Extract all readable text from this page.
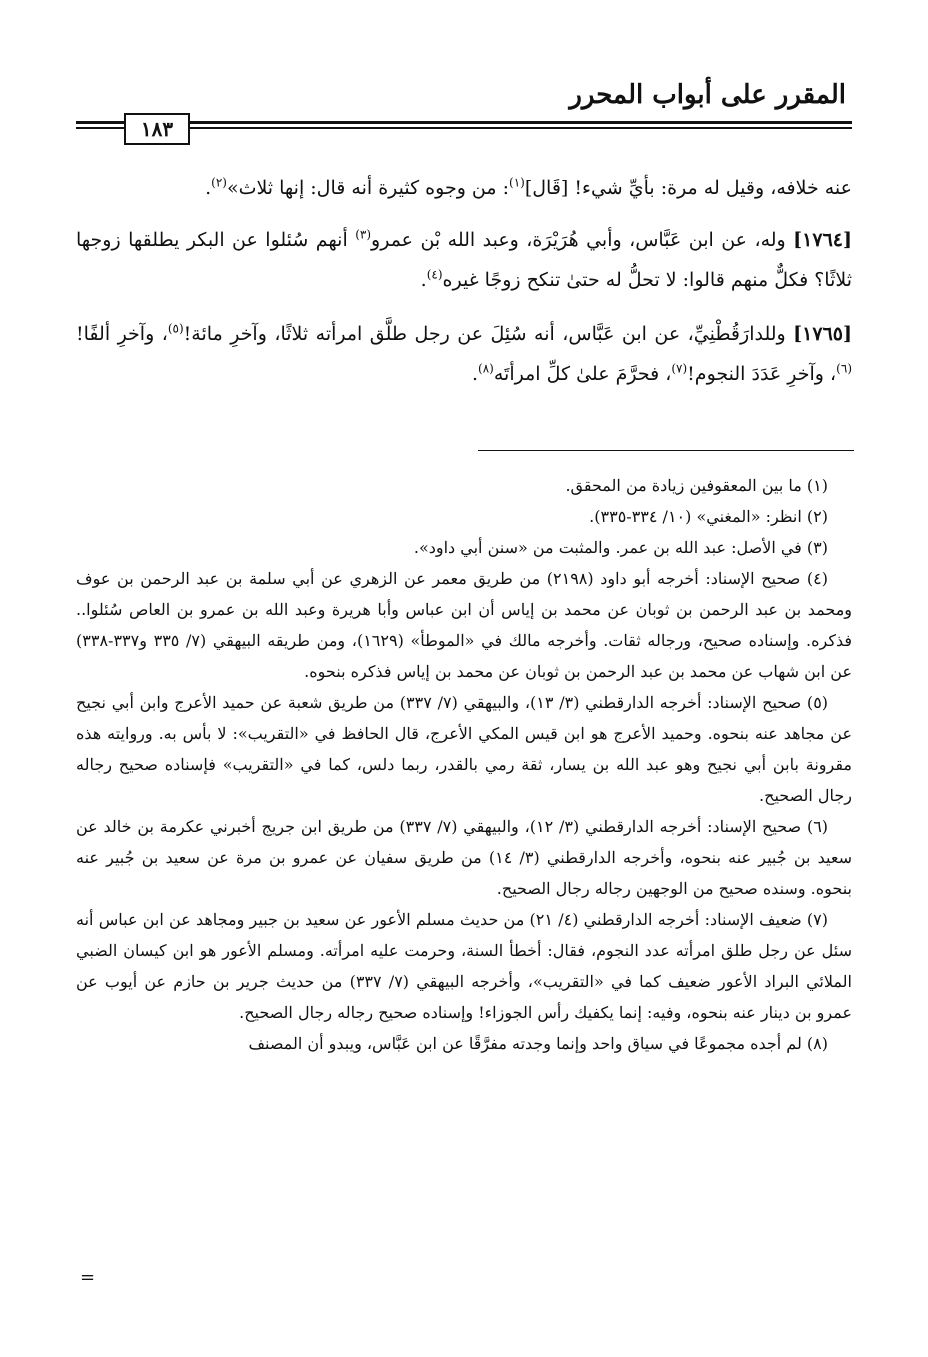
المقرر على أبواب المحرر
١٨٣

عنه خلافه، وقيل له مرة: بأيِّ شيء! [قَال]$^{(١)}$: من وجوه كثيرة أنه قال: إنها ثلاث»$^{(٢)}$.

[١٧٦٤] وله، عن ابن عَبَّاس، وأبي هُرَيْرَة، وعبد الله بْن عمرو$^{(٣)}$ أنهم سُئلوا عن البكر يطلقها زوجها ثلاثًا؟ فكلٌّ منهم قالوا: لا تحلُّ له حتىٰ تنكح زوجًا غيره$^{(٤)}$.

[١٧٦٥] وللدارَقُطْنِيِّ، عن ابن عَبَّاس، أنه سُئِلَ عن رجل طلَّق امرأته ثلاثًا، وآخرِ مائة!$^{(٥)}$، وآخرِ ألفًا!$^{(٦)}$، وآخرِ عَدَدَ النجوم!$^{(٧)}$، فحرَّمَ علىٰ كلِّ امرأتَه$^{(٨)}$.

(١) ما بين المعقوفين زيادة من المحقق.

(٢) انظر: «المغني» (١٠/ ٣٣٤-٣٣٥).

(٣) في الأصل: عبد الله بن عمر. والمثبت من «سنن أبي داود».

(٤) صحيح الإسناد: أخرجه أبو داود (٢١٩٨) من طريق معمر عن الزهري عن أبي سلمة بن عبد الرحمن بن عوف ومحمد بن عبد الرحمن بن ثوبان عن محمد بن إياس أن ابن عباس وأبا هريرة وعبد الله بن عمرو بن العاص سُئلوا.. فذكره. وإسناده صحيح، ورجاله ثقات. وأخرجه مالك في «الموطأ» (١٦٢٩)، ومن طريقه البيهقي (٧/ ٣٣٥ و٣٣٧-٣٣٨) عن ابن شهاب عن محمد بن عبد الرحمن بن ثوبان عن محمد بن إياس فذكره بنحوه.

(٥) صحيح الإسناد: أخرجه الدارقطني (٣/ ١٣)، والبيهقي (٧/ ٣٣٧) من طريق شعبة عن حميد الأعرج وابن أبي نجيح عن مجاهد عنه بنحوه. وحميد الأعرج هو ابن قيس المكي الأعرج، قال الحافظ في «التقريب»: لا بأس به. وروايته هذه مقرونة بابن أبي نجيح وهو عبد الله بن يسار، ثقة رمي بالقدر، ربما دلس، كما في «التقريب» فإسناده صحيح رجاله رجال الصحيح.

(٦) صحيح الإسناد: أخرجه الدارقطني (٣/ ١٢)، والبيهقي (٧/ ٣٣٧) من طريق ابن جريج أخبرني عكرمة بن خالد عن سعيد بن جُبير عنه بنحوه، وأخرجه الدارقطني (٣/ ١٤) من طريق سفيان عن عمرو بن مرة عن سعيد بن جُبير عنه بنحوه. وسنده صحيح من الوجهين رجاله رجال الصحيح.

(٧) ضعيف الإسناد: أخرجه الدارقطني (٤/ ٢١) من حديث مسلم الأعور عن سعيد بن جبير ومجاهد عن ابن عباس أنه سئل عن رجل طلق امرأته عدد النجوم، فقال: أخطأ السنة، وحرمت عليه امرأته. ومسلم الأعور هو ابن كيسان الضبي الملائي البراد الأعور ضعيف كما في «التقريب»، وأخرجه البيهقي (٧/ ٣٣٧) من حديث جرير بن حازم عن أيوب عن عمرو بن دينار عنه بنحوه، وفيه: إنما يكفيك رأس الجوزاء! وإسناده صحيح رجاله رجال الصحيح.

(٨) لم أجده مجموعًا في سياق واحد وإنما وجدته مفرَّقًا عن ابن عَبَّاس، ويبدو أن المصنف

=
